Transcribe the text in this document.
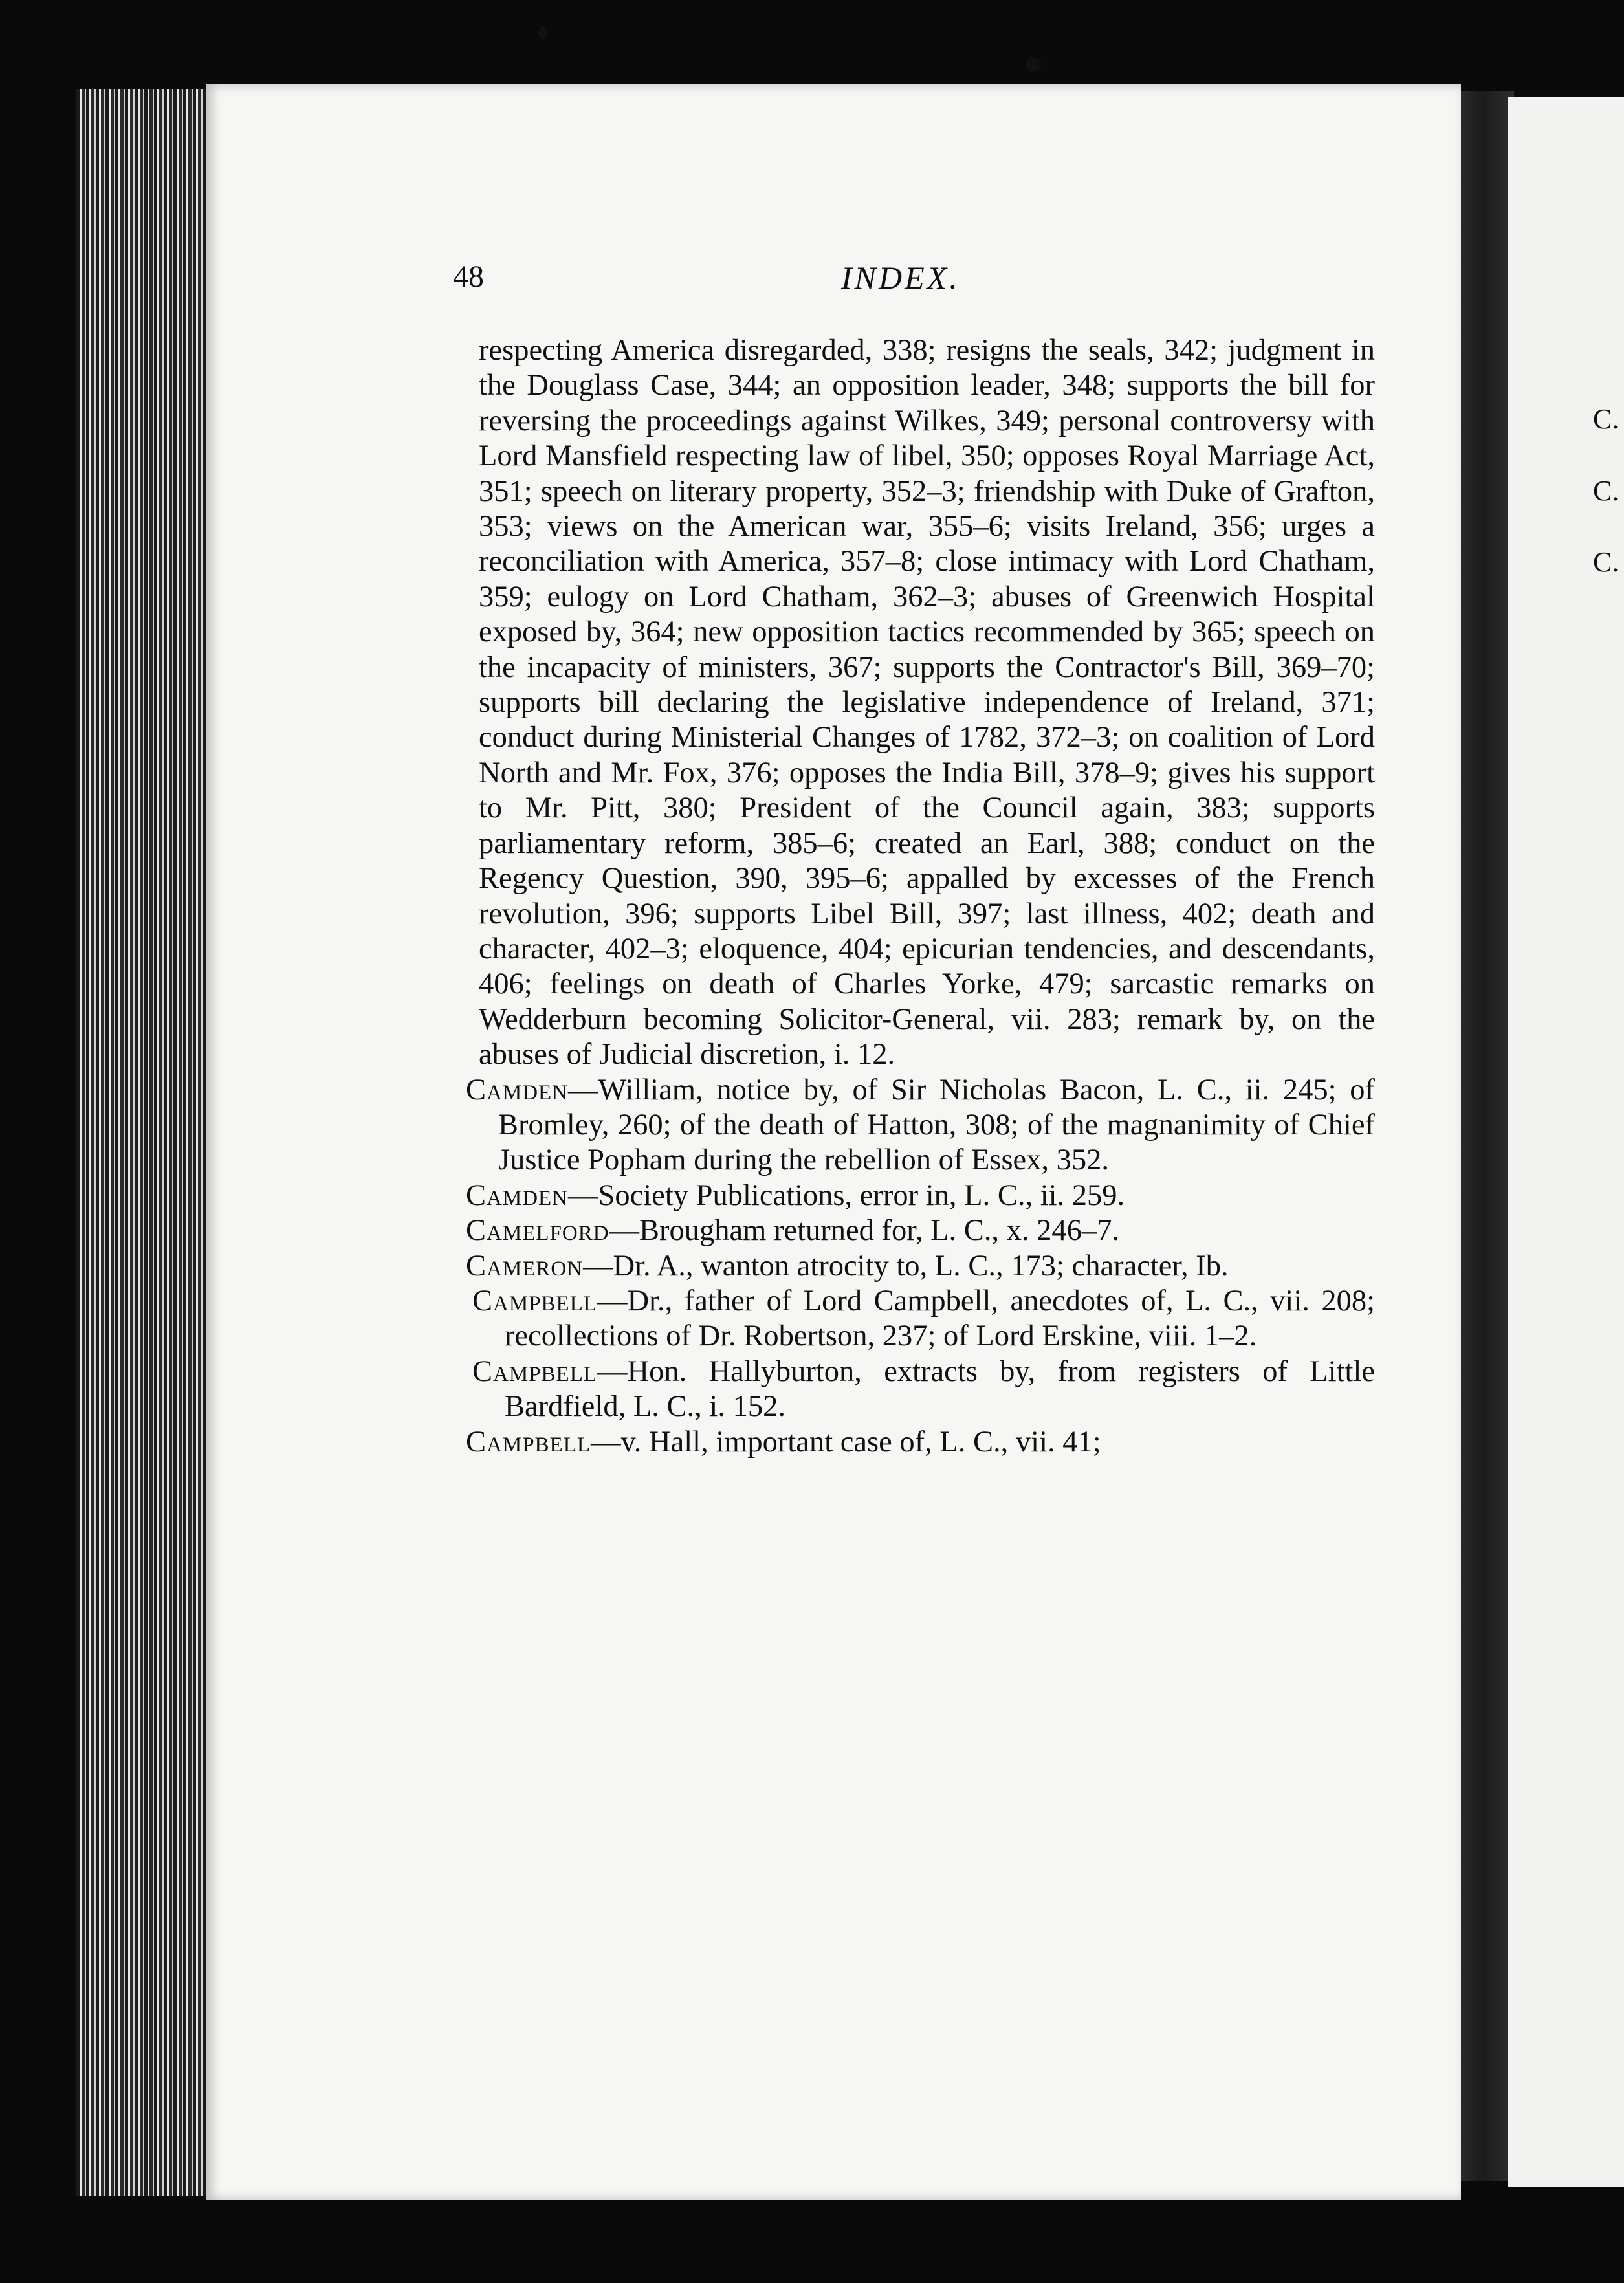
C.
C.
C.
48	INDEX.

respecting America disregarded, 338; resigns the seals, 342; judgment in the Douglass Case, 344; an opposition leader, 348; supports the bill for reversing the proceedings against Wilkes, 349; personal controversy with Lord Mansfield respecting law of libel, 350; opposes Royal Marriage Act, 351; speech on literary property, 352–3; friendship with Duke of Grafton, 353; views on the American war, 355–6; visits Ireland, 356; urges a reconciliation with America, 357–8; close intimacy with Lord Chatham, 359; eulogy on Lord Chatham, 362–3; abuses of Greenwich Hospital exposed by, 364; new opposition tactics recommended by 365; speech on the incapacity of ministers, 367; supports the Contractor's Bill, 369–70; supports bill declaring the legislative independence of Ireland, 371; conduct during Ministerial Changes of 1782, 372–3; on coalition of Lord North and Mr. Fox, 376; opposes the India Bill, 378–9; gives his support to Mr. Pitt, 380; President of the Council again, 383; supports parliamentary reform, 385–6; created an Earl, 388; conduct on the Regency Question, 390, 395–6; appalled by excesses of the French revolution, 396; supports Libel Bill, 397; last illness, 402; death and character, 402–3; eloquence, 404; epicurian tendencies, and descendants, 406; feelings on death of Charles Yorke, 479; sarcastic remarks on Wedderburn becoming Solicitor-General, vii. 283; remark by, on the abuses of Judicial discretion, i. 12.

Camden—William, notice by, of Sir Nicholas Bacon, L. C., ii. 245; of Bromley, 260; of the death of Hatton, 308; of the magnanimity of Chief Justice Popham during the rebellion of Essex, 352.

Camden—Society Publications, error in, L. C., ii. 259.

Camelford—Brougham returned for, L. C., x. 246–7.

Cameron—Dr. A., wanton atrocity to, L. C., 173; character, Ib.

Campbell—Dr., father of Lord Campbell, anecdotes of, L. C., vii. 208; recollections of Dr. Robertson, 237; of Lord Erskine, viii. 1–2.

Campbell—Hon. Hallyburton, extracts by, from registers of Little Bardfield, L. C., i. 152.

Campbell—v. Hall, important case of, L. C., vii. 41;
